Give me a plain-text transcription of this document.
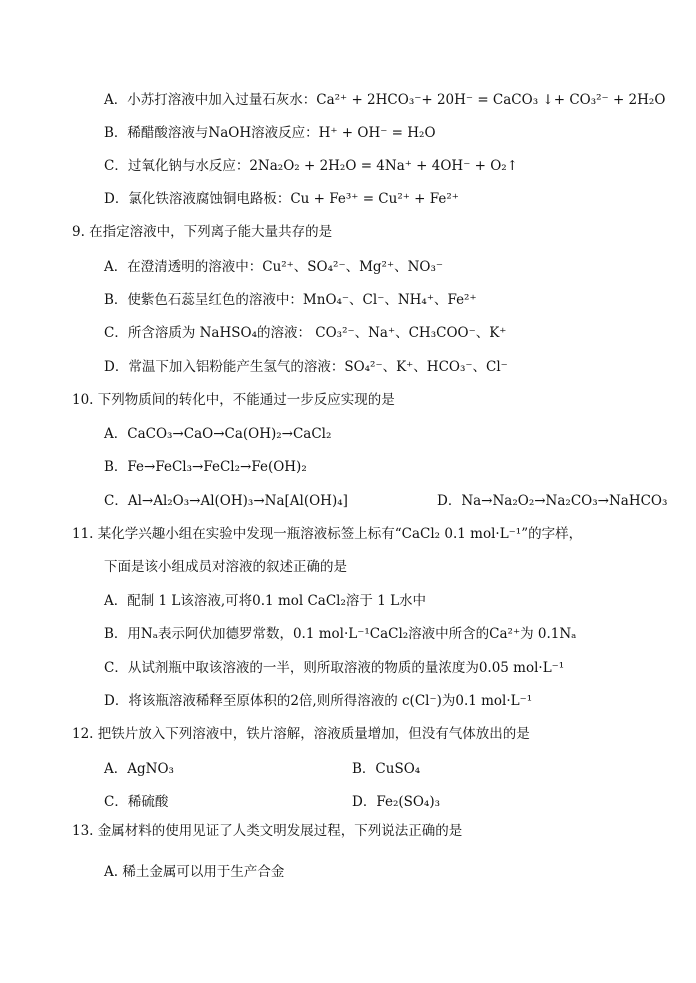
A．小苏打溶液中加入过量石灰水：Ca²⁺ + 2HCO₃⁻+ 20H⁻ = CaCO₃ ↓+ CO₃²⁻ + 2H₂O
B．稀醋酸溶液与NaOH溶液反应：H⁺ + OH⁻ = H₂O
C．过氧化钠与水反应：2Na₂O₂ + 2H₂O = 4Na⁺ + 4OH⁻ + O₂↑
D．氯化铁溶液腐蚀铜电路板：Cu + Fe³⁺ = Cu²⁺ + Fe²⁺
9. 在指定溶液中，下列离子能大量共存的是
A．在澄清透明的溶液中：Cu²⁺、SO₄²⁻、Mg²⁺、NO₃⁻
B．使紫色石蕊呈红色的溶液中：MnO₄⁻、Cl⁻、NH₄⁺、Fe²⁺
C．所含溶质为 NaHSO₄的溶液： CO₃²⁻、Na⁺、CH₃COO⁻、K⁺
D．常温下加入铝粉能产生氢气的溶液：SO₄²⁻、K⁺、HCO₃⁻、Cl⁻
10. 下列物质间的转化中，不能通过一步反应实现的是
A．CaCO₃→CaO→Ca(OH)₂→CaCl₂
B．Fe→FeCl₃→FeCl₂→Fe(OH)₂
C．Al→Al₂O₃→Al(OH)₃→Na[Al(OH)₄]	D．Na→Na₂O₂→Na₂CO₃→NaHCO₃
11. 某化学兴趣小组在实验中发现一瓶溶液标签上标有“CaCl₂ 0.1 mol·L⁻¹”的字样，
下面是该小组成员对溶液的叙述正确的是
A．配制 1 L该溶液,可将0.1 mol CaCl₂溶于 1 L水中
B．用Nₐ表示阿伏加德罗常数，0.1 mol·L⁻¹CaCl₂溶液中所含的Ca²⁺为 0.1Nₐ
C．从试剂瓶中取该溶液的一半，则所取溶液的物质的量浓度为0.05 mol·L⁻¹
D．将该瓶溶液稀释至原体积的2倍,则所得溶液的 c(Cl⁻)为0.1 mol·L⁻¹
12. 把铁片放入下列溶液中，铁片溶解，溶液质量增加，但没有气体放出的是
A．AgNO₃	B．CuSO₄
C．稀硫酸	D．Fe₂(SO₄)₃
13. 金属材料的使用见证了人类文明发展过程，下列说法正确的是
A. 稀土金属可以用于生产合金
